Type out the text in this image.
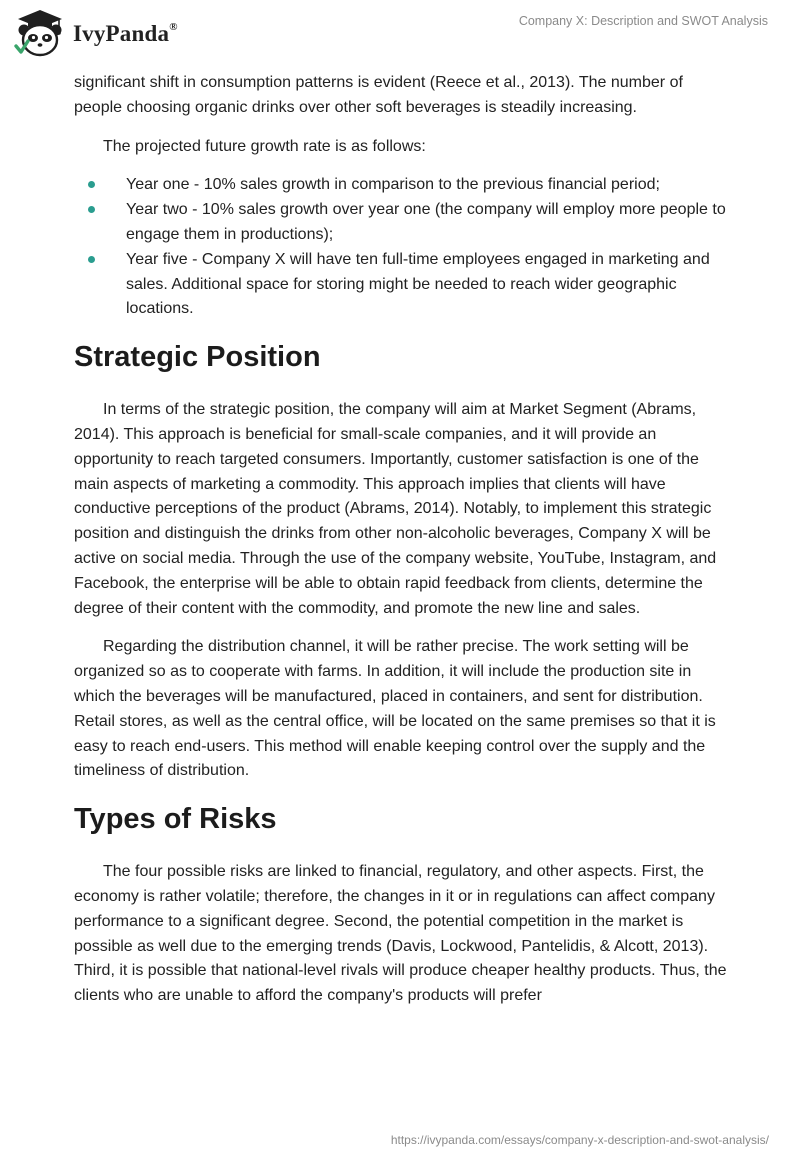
IvyPanda®	Company X: Description and SWOT Analysis

significant shift in consumption patterns is evident (Reece et al., 2013). The number of people choosing organic drinks over other soft beverages is steadily increasing.

The projected future growth rate is as follows:

Year one - 10% sales growth in comparison to the previous financial period;
Year two - 10% sales growth over year one (the company will employ more people to engage them in productions);
Year five - Company X will have ten full-time employees engaged in marketing and sales. Additional space for storing might be needed to reach wider geographic locations.
Strategic Position

In terms of the strategic position, the company will aim at Market Segment (Abrams, 2014). This approach is beneficial for small-scale companies, and it will provide an opportunity to reach targeted consumers. Importantly, customer satisfaction is one of the main aspects of marketing a commodity. This approach implies that clients will have conductive perceptions of the product (Abrams, 2014). Notably, to implement this strategic position and distinguish the drinks from other non-alcoholic beverages, Company X will be active on social media. Through the use of the company website, YouTube, Instagram, and Facebook, the enterprise will be able to obtain rapid feedback from clients, determine the degree of their content with the commodity, and promote the new line and sales.

Regarding the distribution channel, it will be rather precise. The work setting will be organized so as to cooperate with farms. In addition, it will include the production site in which the beverages will be manufactured, placed in containers, and sent for distribution. Retail stores, as well as the central office, will be located on the same premises so that it is easy to reach end-users. This method will enable keeping control over the supply and the timeliness of distribution.

Types of Risks

The four possible risks are linked to financial, regulatory, and other aspects. First, the economy is rather volatile; therefore, the changes in it or in regulations can affect company performance to a significant degree. Second, the potential competition in the market is possible as well due to the emerging trends (Davis, Lockwood, Pantelidis, & Alcott, 2013). Third, it is possible that national-level rivals will produce cheaper healthy products. Thus, the clients who are unable to afford the company's products will prefer

https://ivypanda.com/essays/company-x-description-and-swot-analysis/
